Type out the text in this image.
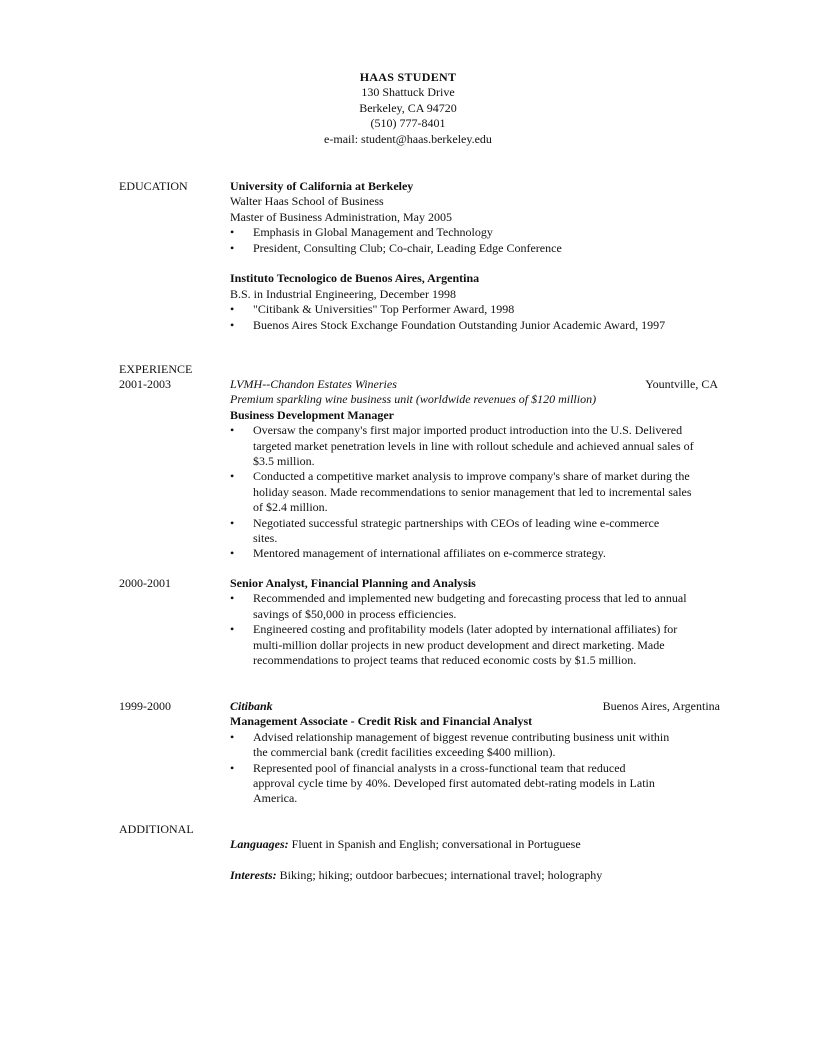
HAAS STUDENT
130 Shattuck Drive
Berkeley, CA 94720
(510) 777-8401
e-mail: student@haas.berkeley.edu
EDUCATION	University of California at Berkeley
Walter Haas School of Business
Master of Business Administration, May 2005
• Emphasis in Global Management and Technology
• President, Consulting Club; Co-chair, Leading Edge Conference
Instituto Tecnologico de Buenos Aires, Argentina
B.S. in Industrial Engineering, December 1998
• "Citibank & Universities" Top Performer Award, 1998
• Buenos Aires Stock Exchange Foundation Outstanding Junior Academic Award, 1997
EXPERIENCE
2001-2003	LVMH--Chandon Estates Wineries	Yountville, CA
Premium sparkling wine business unit (worldwide revenues of $120 million)
Business Development Manager
• Oversaw the company's first major imported product introduction into the U.S. Delivered targeted market penetration levels in line with rollout schedule and achieved annual sales of $3.5 million.
• Conducted a competitive market analysis to improve company's share of market during the holiday season. Made recommendations to senior management that led to incremental sales of $2.4 million.
• Negotiated successful strategic partnerships with CEOs of leading wine e-commerce sites.
• Mentored management of international affiliates on e-commerce strategy.
2000-2001	Senior Analyst, Financial Planning and Analysis
• Recommended and implemented new budgeting and forecasting process that led to annual savings of $50,000 in process efficiencies.
• Engineered costing and profitability models (later adopted by international affiliates) for multi-million dollar projects in new product development and direct marketing. Made recommendations to project teams that reduced economic costs by $1.5 million.
1999-2000	Citibank	Buenos Aires, Argentina
Management Associate - Credit Risk and Financial Analyst
• Advised relationship management of biggest revenue contributing business unit within the commercial bank (credit facilities exceeding $400 million).
• Represented pool of financial analysts in a cross-functional team that reduced approval cycle time by 40%. Developed first automated debt-rating models in Latin America.
ADDITIONAL
Languages: Fluent in Spanish and English; conversational in Portuguese
Interests: Biking; hiking; outdoor barbecues; international travel; holography
